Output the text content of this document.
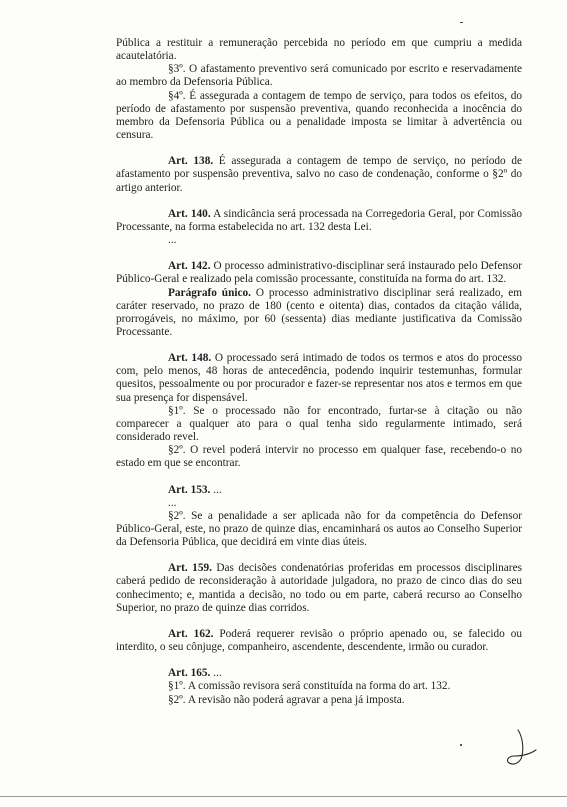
Pública a restituir a remuneração percebida no período em que cumpriu a medida acautelatória.

§3º. O afastamento preventivo será comunicado por escrito e reservadamente ao membro da Defensoria Pública.

§4º. É assegurada a contagem de tempo de serviço, para todos os efeitos, do período de afastamento por suspensão preventiva, quando reconhecida a inocência do membro da Defensoria Pública ou a penalidade imposta se limitar à advertência ou censura.

Art. 138. É assegurada a contagem de tempo de serviço, no período de afastamento por suspensão preventiva, salvo no caso de condenação, conforme o §2º do artigo anterior.

Art. 140. A sindicância será processada na Corregedoria Geral, por Comissão Processante, na forma estabelecida no art. 132 desta Lei.

...

Art. 142. O processo administrativo-disciplinar será instaurado pelo Defensor Público-Geral e realizado pela comissão processante, constituída na forma do art. 132.

Parágrafo único. O processo administrativo disciplinar será realizado, em caráter reservado, no prazo de 180 (cento e oitenta) dias, contados da citação válida, prorrogáveis, no máximo, por 60 (sessenta) dias mediante justificativa da Comissão Processante.

Art. 148. O processado será intimado de todos os termos e atos do processo com, pelo menos, 48 horas de antecedência, podendo inquirir testemunhas, formular quesitos, pessoalmente ou por procurador e fazer-se representar nos atos e termos em que sua presença for dispensável.

§1º. Se o processado não for encontrado, furtar-se à citação ou não comparecer a qualquer ato para o qual tenha sido regularmente intimado, será considerado revel.

§2º. O revel poderá intervir no processo em qualquer fase, recebendo-o no estado em que se encontrar.

Art. 153. ...

...

§2º. Se a penalidade a ser aplicada não for da competência do Defensor Público-Geral, este, no prazo de quinze dias, encaminhará os autos ao Conselho Superior da Defensoria Pública, que decidirá em vinte dias úteis.

Art. 159. Das decisões condenatórias proferidas em processos disciplinares caberá pedido de reconsideração à autoridade julgadora, no prazo de cinco dias do seu conhecimento; e, mantida a decisão, no todo ou em parte, caberá recurso ao Conselho Superior, no prazo de quinze dias corridos.

Art. 162. Poderá requerer revisão o próprio apenado ou, se falecido ou interdito, o seu cônjuge, companheiro, ascendente, descendente, irmão ou curador.

Art. 165. ...

§1º. A comissão revisora será constituída na forma do art. 132.

§2º. A revisão não poderá agravar a pena já imposta.
